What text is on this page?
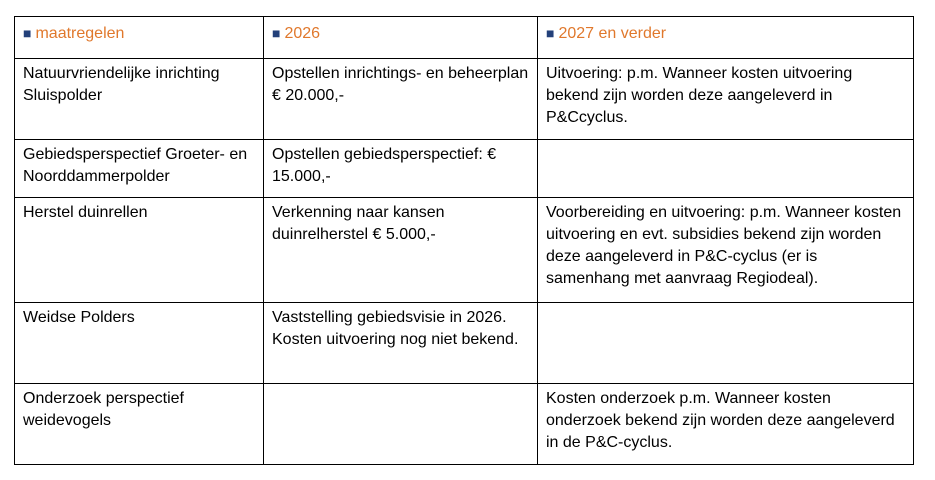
■ maatregelen	■ 2026	■ 2027 en verder
Natuurvriendelijke inrichting Sluispolder	Opstellen inrichtings- en beheerplan € 20.000,-	Uitvoering: p.m. Wanneer kosten uitvoering bekend zijn worden deze aangeleverd in P&Ccyclus.
Gebiedsperspectief Groeter- en Noorddammerpolder	Opstellen gebiedsperspectief: € 15.000,-	
Herstel duinrellen	Verkenning naar kansen duinrelherstel € 5.000,-	Voorbereiding en uitvoering: p.m. Wanneer kosten uitvoering en evt. subsidies bekend zijn worden deze aangeleverd in P&C-cyclus (er is samenhang met aanvraag Regiodeal).
Weidse Polders	Vaststelling gebiedsvisie in 2026. Kosten uitvoering nog niet bekend.	
Onderzoek perspectief weidevogels		Kosten onderzoek p.m. Wanneer kosten onderzoek bekend zijn worden deze aangeleverd in de P&C-cyclus.
